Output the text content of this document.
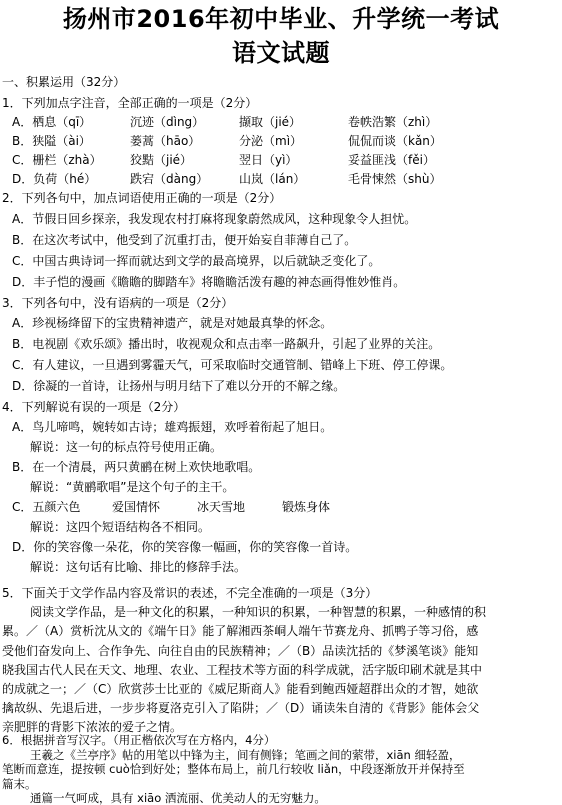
扬州市2016年初中毕业、升学统一考试
语文试题
一、积累运用（32分）
1．下列加点字注音，全部正确的一项是（2分）
A．栖息（qī）	沉迹（dìng）	撷取（jié）	卷帙浩繁（zhì）
B．狭隘（ài）	蒌蒿（hāo）	分泌（mì）	侃侃而谈（kǎn）
C．栅栏（zhà） 狡黠（jié）	翌日（yì）	妥益匪浅（fěi）
D．负荷（hé）	跌宕（dàng）	山岚（lán）	毛骨悚然（shù）
2．下列各句中，加点词语使用正确的一项是（2分）
A．节假日回乡探亲，我发现农村打麻将现象蔚然成风，这种现象令人担忧。
B．在这次考试中，他受到了沉重打击，便开始妄自菲薄自己了。
C．中国古典诗词一挥而就达到文学的最高境界，以后就缺乏变化了。
D．丰子恺的漫画《瞻瞻的脚踏车》将瞻瞻活泼有趣的神态画得惟妙惟肖。
3．下列各句中，没有语病的一项是（2分）
A．珍视杨绛留下的宝贵精神遗产，就是对她最真挚的怀念。
B．电视剧《欢乐颂》播出时，收视观众和点击率一路飙升，引起了业界的关注。
C．有人建议，一旦遇到雾霾天气，可采取临时交通管制、错峰上下班、停工停课。
D．徐凝的一首诗，让扬州与明月结下了难以分开的不解之缘。
4．下列解说有误的一项是（2分）
A．鸟儿啼鸣，婉转如古诗；雄鸡振翅，欢呼着衔起了旭日。
解说：这一句的标点符号使用正确。
B．在一个清晨，两只黄鹂在树上欢快地歌唱。
解说：“黄鹂歌唱”是这个句子的主干。
C．五颜六色	爱国情怀	冰天雪地	锻炼身体
解说：这四个短语结构各不相同。
D．你的笑容像一朵花，你的笑容像一幅画，你的笑容像一首诗。
解说：这句话有比喻、排比的修辞手法。
5．下面关于文学作品内容及常识的表述，不完全准确的一项是（3分）
阅读文学作品，是一种文化的积累，一种知识的积累，一种智慧的积累，一种感情的积
累。／（A）赏析沈从文的《端午日》能了解湘西茶峒人端午节赛龙舟、抓鸭子等习俗，感
受他们奋发向上、合作争先、向往自由的民族精神；／（B）品读沈括的《梦溪笔谈》能知
晓我国古代人民在天文、地理、农业、工程技术等方面的科学成就，活字版印刷术就是其中
的成就之一；／（C）欣赏莎士比亚的《威尼斯商人》能看到鲍西娅超群出众的才智，她欲
擒故纵、先退后进，一步步将夏洛克引入了陷阱；／（D）诵读朱自清的《背影》能体会父
亲肥胖的背影下浓浓的爱子之情。
6．根据拼音写汉字。（用正楷依次写在方格内，4分）
王羲之《兰亭序》帖的用笔以中锋为主，间有侧锋；笔画之间的萦带，xiān 细轻盈，
笔断而意连，提按顿 cuò恰到好处；整体布局上，前几行较收 liǎn，中段逐渐放开并保持至
篇末。
通篇一气呵成，具有 xiāo 洒流丽、优美动人的无穷魅力。
